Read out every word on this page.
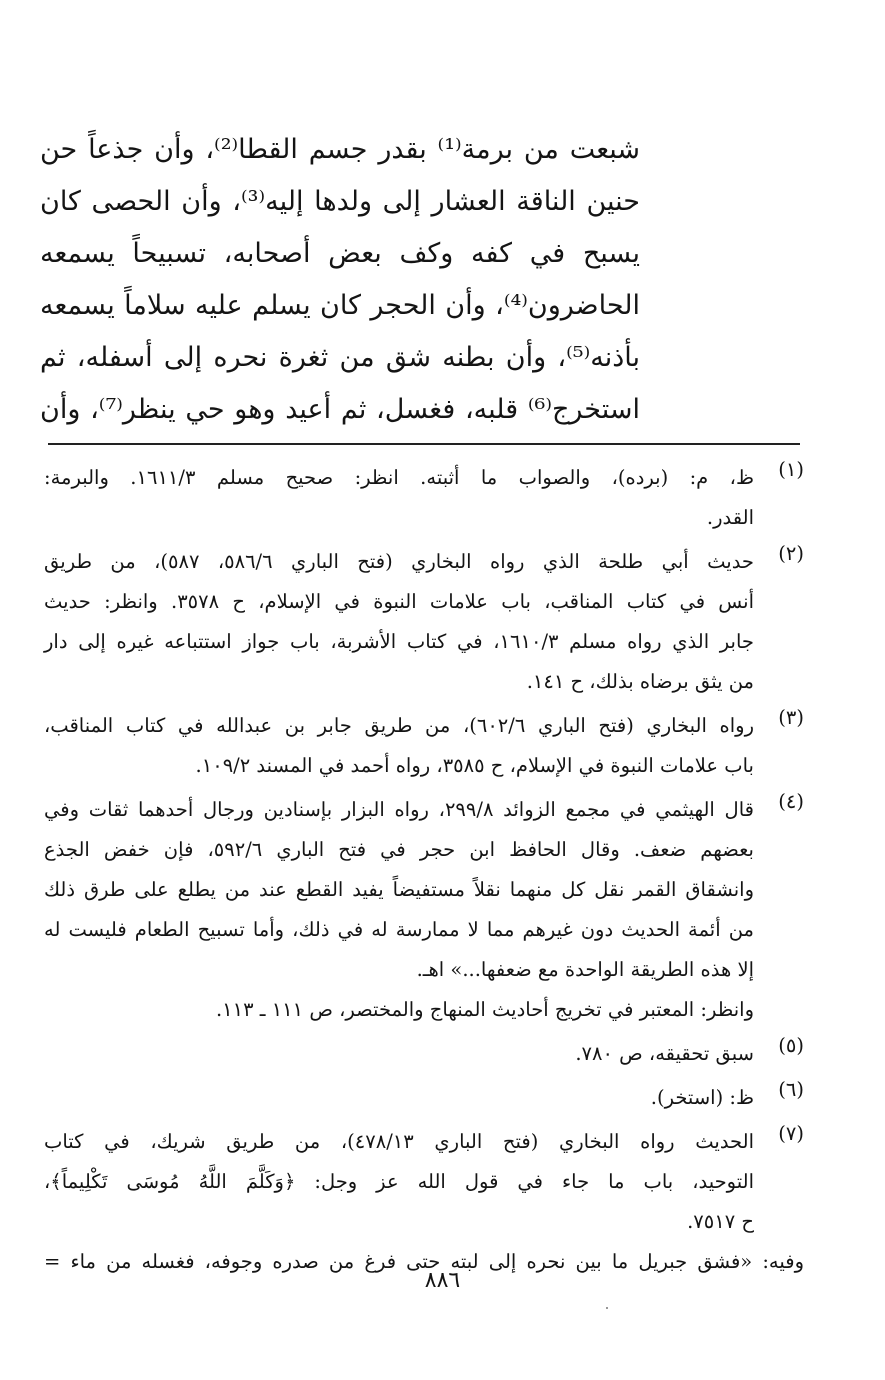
شبعت من برمة⁽¹⁾ بقدر جسم القطا⁽²⁾، وأن جذعاً حن
حنين الناقة العشار إلى ولدها إليه⁽³⁾، وأن الحصى كان
يسبح في كفه وكف بعض أصحابه، تسبيحاً يسمعه
الحاضرون⁽⁴⁾، وأن الحجر كان يسلم عليه سلاماً يسمعه
بأذنه⁽⁵⁾، وأن بطنه شق من ثغرة نحره إلى أسفله، ثم
استخرج⁽⁶⁾ قلبه، فغسل، ثم أعيد وهو حي ينظر⁽⁷⁾، وأن
(١)
ظ، م: (برده)، والصواب ما أثبته. انظر: صحيح مسلم ١٦١١/٣. والبرمة:
القدر.
(٢)
حديث أبي طلحة الذي رواه البخاري (فتح الباري ٥٨٦/٦، ٥٨٧)، من طريق
أنس في كتاب المناقب، باب علامات النبوة في الإسلام، ح ٣٥٧٨. وانظر: حديث
جابر الذي رواه مسلم ١٦١٠/٣، في كتاب الأشربة، باب جواز استتباعه غيره إلى دار
من يثق برضاه بذلك، ح ١٤١.
(٣)
رواه البخاري (فتح الباري ٦٠٢/٦)، من طريق جابر بن عبدالله في كتاب المناقب،
باب علامات النبوة في الإسلام، ح ٣٥٨٥، رواه أحمد في المسند ١٠٩/٢.
(٤)
قال الهيثمي في مجمع الزوائد ٢٩٩/٨، رواه البزار بإسنادين ورجال أحدهما ثقات وفي
بعضهم ضعف. وقال الحافظ ابن حجر في فتح الباري ٥٩٢/٦، فإن خفض الجذع
وانشقاق القمر نقل كل منهما نقلاً مستفيضاً يفيد القطع عند من يطلع على طرق ذلك
من أئمة الحديث دون غيرهم مما لا ممارسة له في ذلك، وأما تسبيح الطعام فليست له
إلا هذه الطريقة الواحدة مع ضعفها...» اهـ.
وانظر: المعتبر في تخريج أحاديث المنهاج والمختصر، ص ١١١ ـ ١١٣.
(٥)
سبق تحقيقه، ص ٧٨٠.
(٦)
ظ: (استخر).
(٧)
الحديث رواه البخاري (فتح الباري ٤٧٨/١٣)، من طريق شريك، في كتاب
التوحيد، باب ما جاء في قول الله عز وجل: ﴿وَكَلَّمَ اللَّهُ مُوسَى تَكْلِيماً﴾،
ح ٧٥١٧.
وفيه: «فشق جبريل ما بين نحره إلى لبته حتى فرغ من صدره وجوفه، فغسله من ماء =
٨٨٦
